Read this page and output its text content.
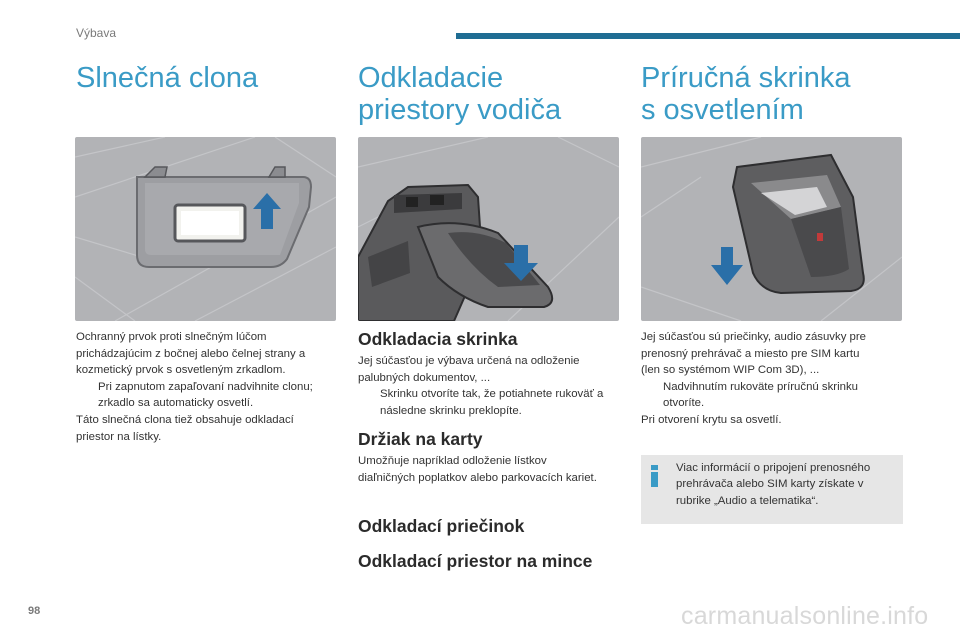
Výbava
Slnečná clona

Ochranný prvok proti slnečným lúčom

prichádzajúcim z bočnej alebo čelnej strany a

kozmetický prvok s osvetleným zrkadlom.

Pri zapnutom zapaľovaní nadvihnite clonu;

zrkadlo sa automaticky osvetlí.

Táto slnečná clona tiež obsahuje odkladací

priestor na lístky.

Odkladacie
priestory vodiča
Odkladacia skrinka

Jej súčasťou je výbava určená na odloženie

palubných dokumentov, ...

Skrinku otvoríte tak, že potiahnete rukoväť a

následne skrinku preklopíte.

Držiak na karty

Umožňuje napríklad odloženie lístkov

diaľničných poplatkov alebo parkovacích kariet.

Odkladací priečinok
Odkladací priestor na mince
Príručná skrinka
s osvetlením

Jej súčasťou sú priečinky, audio zásuvky pre

prenosný prehrávač a miesto pre SIM kartu

(len so systémom WIP Com 3D), ...

Nadvihnutím rukoväte príručnú skrinku

otvoríte.

Pri otvorení krytu sa osvetlí.

Viac informácií o pripojení prenosného
prehrávača alebo SIM karty získate v
rubrike „Audio a telematika“.
98	carmanualsonline.info
